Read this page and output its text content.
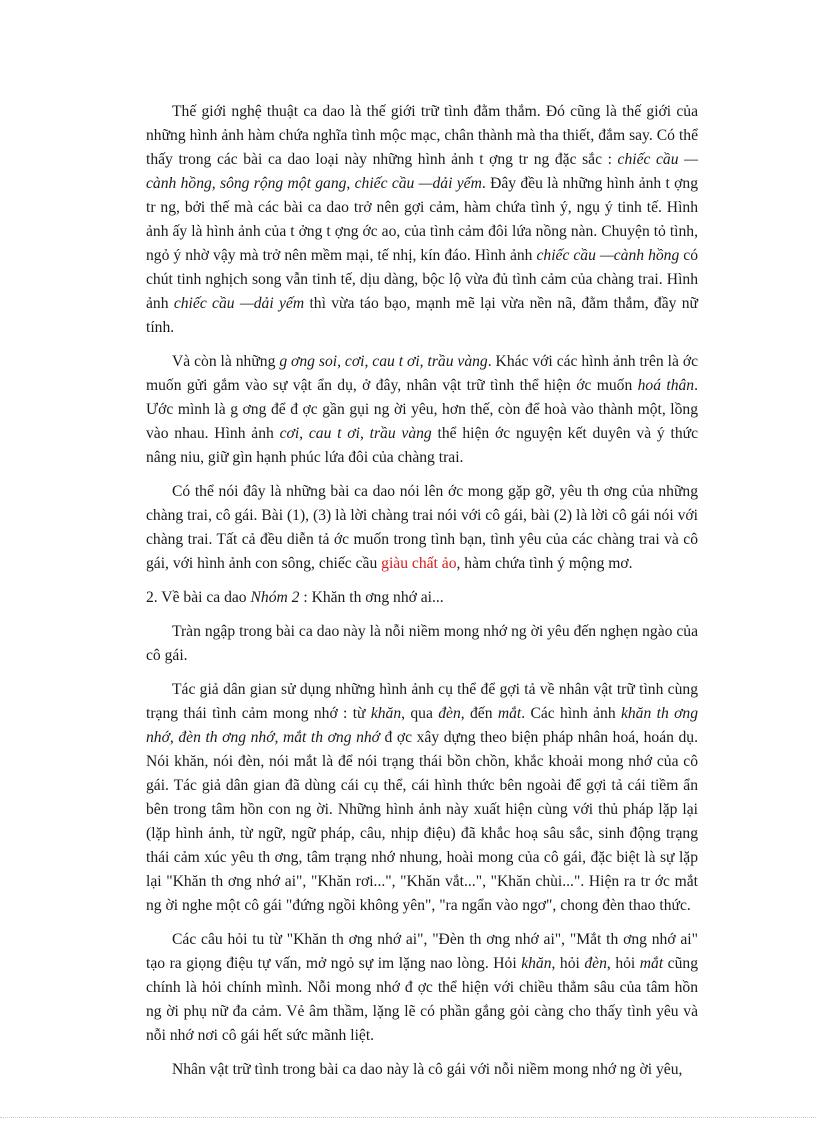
Thế giới nghệ thuật ca dao là thế giới trữ tình đằm thắm. Đó cũng là thế giới của những hình ảnh hàm chứa nghĩa tình mộc mạc, chân thành mà tha thiết, đắm say. Có thể thấy trong các bài ca dao loại này những hình ảnh t ợng tr ng đặc sắc : chiếc cầu — cành hồng, sông rộng một gang, chiếc cầu —dải yếm. Đây đều là những hình ảnh t ợng tr ng, bởi thế mà các bài ca dao trở nên gợi cảm, hàm chứa tình ý, ngụ ý tinh tế. Hình ảnh ấy là hình ảnh của t ởng t ợng ớc ao, của tình cảm đôi lứa nồng nàn. Chuyện tỏ tình, ngỏ ý nhờ vậy mà trở nên mềm mại, tế nhị, kín đáo. Hình ảnh chiếc cầu —cành hồng có chút tinh nghịch song vẫn tinh tế, dịu dàng, bộc lộ vừa đủ tình cảm của chàng trai. Hình ảnh chiếc cầu —dải yếm thì vừa táo bạo, mạnh mẽ lại vừa nền nã, đằm thắm, đầy nữ tính.

Và còn là những g ơng soi, cơi, cau t ơi, trầu vàng. Khác với các hình ảnh trên là ớc muốn gửi gắm vào sự vật ẩn dụ, ở đây, nhân vật trữ tình thể hiện ớc muốn hoá thân. Ước mình là g ơng để đ ợc gần gụi ng ời yêu, hơn thế, còn để hoà vào thành một, lồng vào nhau. Hình ảnh cơi, cau t ơi, trầu vàng thể hiện ớc nguyện kết duyên và ý thức nâng niu, giữ gìn hạnh phúc lứa đôi của chàng trai.

Có thể nói đây là những bài ca dao nói lên ớc mong gặp gỡ, yêu th ơng của những chàng trai, cô gái. Bài (1), (3) là lời chàng trai nói với cô gái, bài (2) là lời cô gái nói với chàng trai. Tất cả đều diễn tả ớc muốn trong tình bạn, tình yêu của các chàng trai và cô gái, với hình ảnh con sông, chiếc cầu giàu chất ảo, hàm chứa tình ý mộng mơ.

2. Về bài ca dao Nhóm 2 : Khăn th ơng nhớ ai...

Tràn ngập trong bài ca dao này là nỗi niềm mong nhớ ng ời yêu đến nghẹn ngào của cô gái.

Tác giả dân gian sử dụng những hình ảnh cụ thể để gợi tả về nhân vật trữ tình cùng trạng thái tình cảm mong nhớ : từ khăn, qua đèn, đến mắt. Các hình ảnh khăn th ơng nhớ, đèn th ơng nhớ, mắt th ơng nhớ đ ợc xây dựng theo biện pháp nhân hoá, hoán dụ. Nói khăn, nói đèn, nói mắt là để nói trạng thái bồn chồn, khắc khoải mong nhớ của cô gái. Tác giả dân gian đã dùng cái cụ thể, cái hình thức bên ngoài để gợi tả cái tiềm ẩn bên trong tâm hồn con ng ời. Những hình ảnh này xuất hiện cùng với thủ pháp lặp lại (lặp hình ảnh, từ ngữ, ngữ pháp, câu, nhịp điệu) đã khắc hoạ sâu sắc, sinh động trạng thái cảm xúc yêu th ơng, tâm trạng nhớ nhung, hoài mong của cô gái, đặc biệt là sự lặp lại "Khăn th ơng nhớ ai", "Khăn rơi...", "Khăn vắt...", "Khăn chùi...". Hiện ra tr ớc mắt ng ời nghe một cô gái "đứng ngồi không yên", "ra ngẩn vào ngơ", chong đèn thao thức.

Các câu hỏi tu từ "Khăn th ơng nhớ ai", "Đèn th ơng nhớ ai", "Mắt th ơng nhớ ai" tạo ra giọng điệu tự vấn, mở ngỏ sự im lặng nao lòng. Hỏi khăn, hỏi đèn, hỏi mắt cũng chính là hỏi chính mình. Nỗi mong nhớ đ ợc thể hiện với chiều thẳm sâu của tâm hồn ng ời phụ nữ đa cảm. Vẻ âm thầm, lặng lẽ có phần gắng gỏi càng cho thấy tình yêu và nỗi nhớ nơi cô gái hết sức mãnh liệt.

Nhân vật trữ tình trong bài ca dao này là cô gái với nỗi niềm mong nhớ ng ời yêu,
